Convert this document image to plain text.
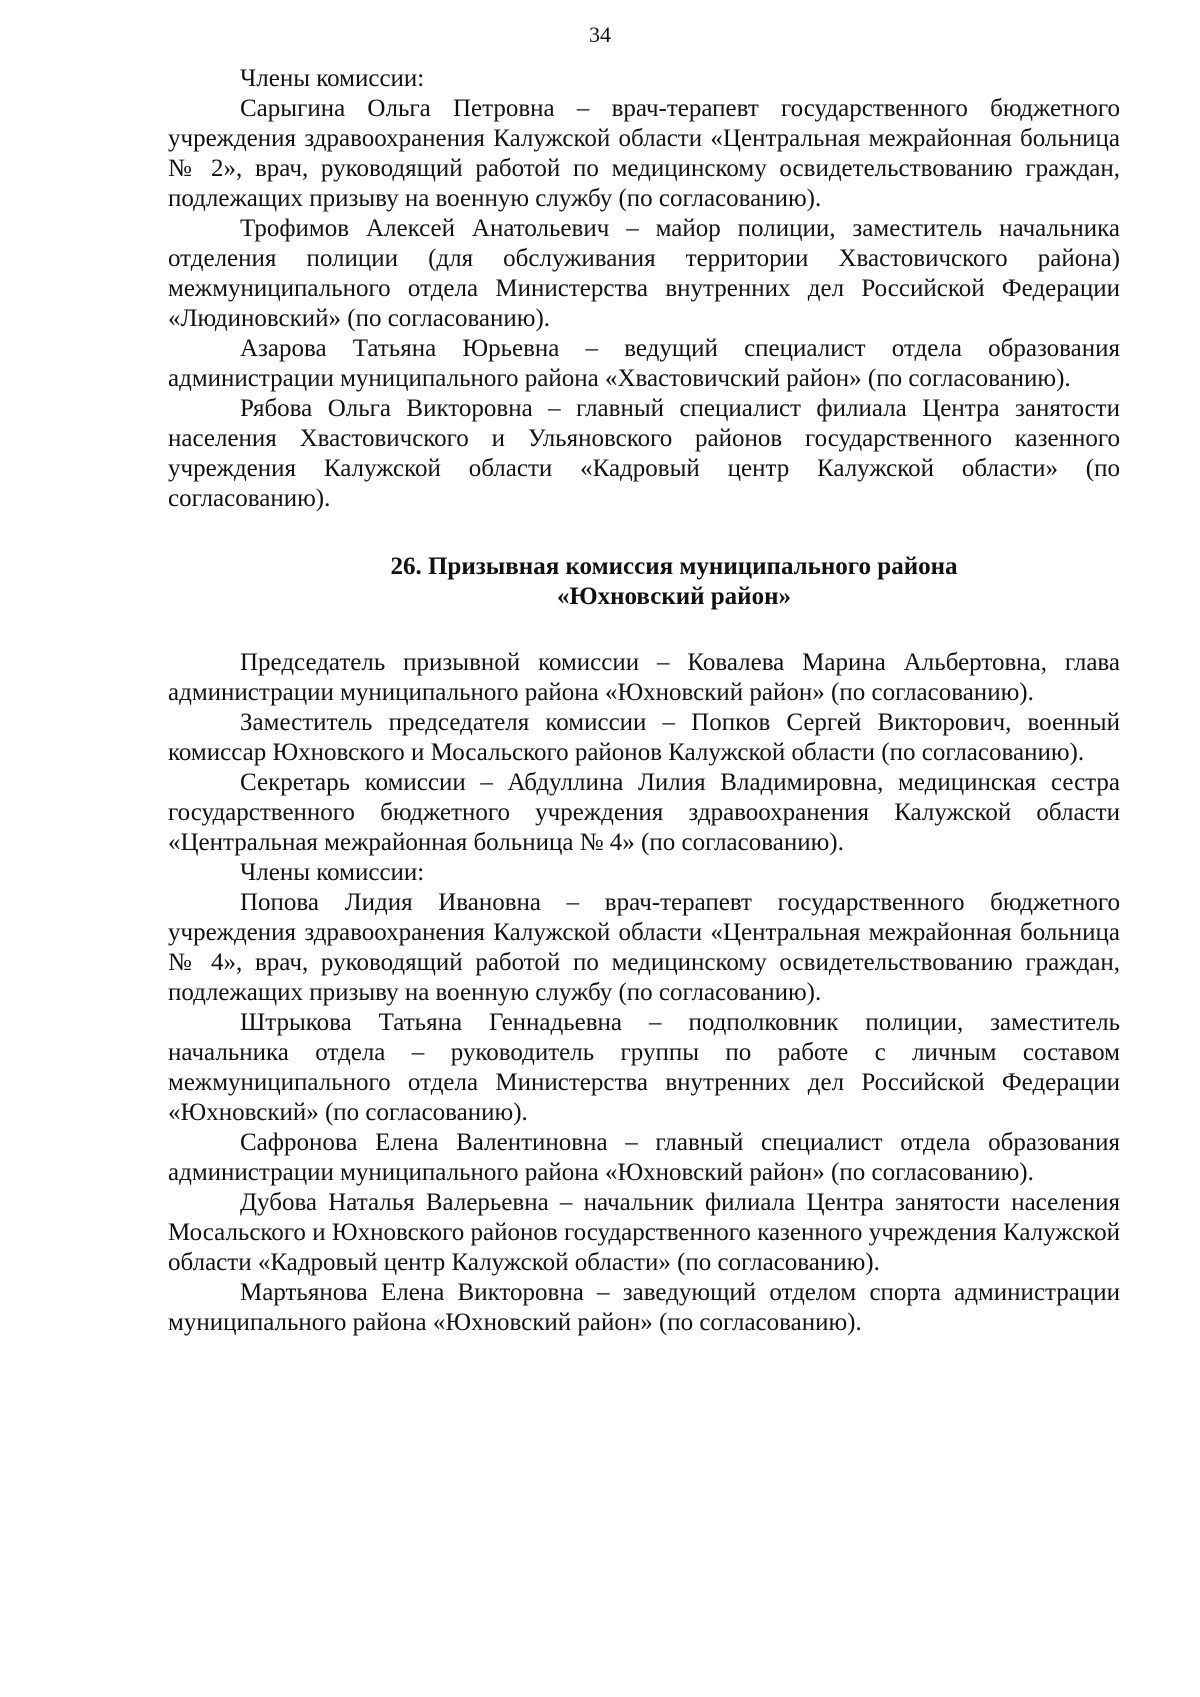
34

Члены комиссии:

Сарыгина Ольга Петровна – врач-терапевт государственного бюджетного учреждения здравоохранения Калужской области «Центральная межрайонная больница № 2», врач, руководящий работой по медицинскому освидетельствованию граждан, подлежащих призыву на военную службу (по согласованию).

Трофимов Алексей Анатольевич – майор полиции, заместитель начальника отделения полиции (для обслуживания территории Хвастовичского района) межмуниципального отдела Министерства внутренних дел Российской Федерации «Людиновский» (по согласованию).

Азарова Татьяна Юрьевна – ведущий специалист отдела образования администрации муниципального района «Хвастовичский район» (по согласованию).

Рябова Ольга Викторовна – главный специалист филиала Центра занятости населения Хвастовичского и Ульяновского районов государственного казенного учреждения Калужской области «Кадровый центр Калужской области» (по согласованию).

26. Призывная комиссия муниципального района
«Юхновский район»

Председатель призывной комиссии – Ковалева Марина Альбертовна, глава администрации муниципального района «Юхновский район» (по согласованию).

Заместитель председателя комиссии – Попков Сергей Викторович, военный комиссар Юхновского и Мосальского районов Калужской области (по согласованию).

Секретарь комиссии – Абдуллина Лилия Владимировна, медицинская сестра государственного бюджетного учреждения здравоохранения Калужской области «Центральная межрайонная больница № 4» (по согласованию).

Члены комиссии:

Попова Лидия Ивановна – врач-терапевт государственного бюджетного учреждения здравоохранения Калужской области «Центральная межрайонная больница № 4», врач, руководящий работой по медицинскому освидетельствованию граждан, подлежащих призыву на военную службу (по согласованию).

Штрыкова Татьяна Геннадьевна – подполковник полиции, заместитель начальника отдела – руководитель группы по работе с личным составом межмуниципального отдела Министерства внутренних дел Российской Федерации «Юхновский» (по согласованию).

Сафронова Елена Валентиновна – главный специалист отдела образования администрации муниципального района «Юхновский район» (по согласованию).

Дубова Наталья Валерьевна – начальник филиала Центра занятости населения Мосальского и Юхновского районов государственного казенного учреждения Калужской области «Кадровый центр Калужской области» (по согласованию).

Мартьянова Елена Викторовна – заведующий отделом спорта администрации муниципального района «Юхновский район» (по согласованию).
